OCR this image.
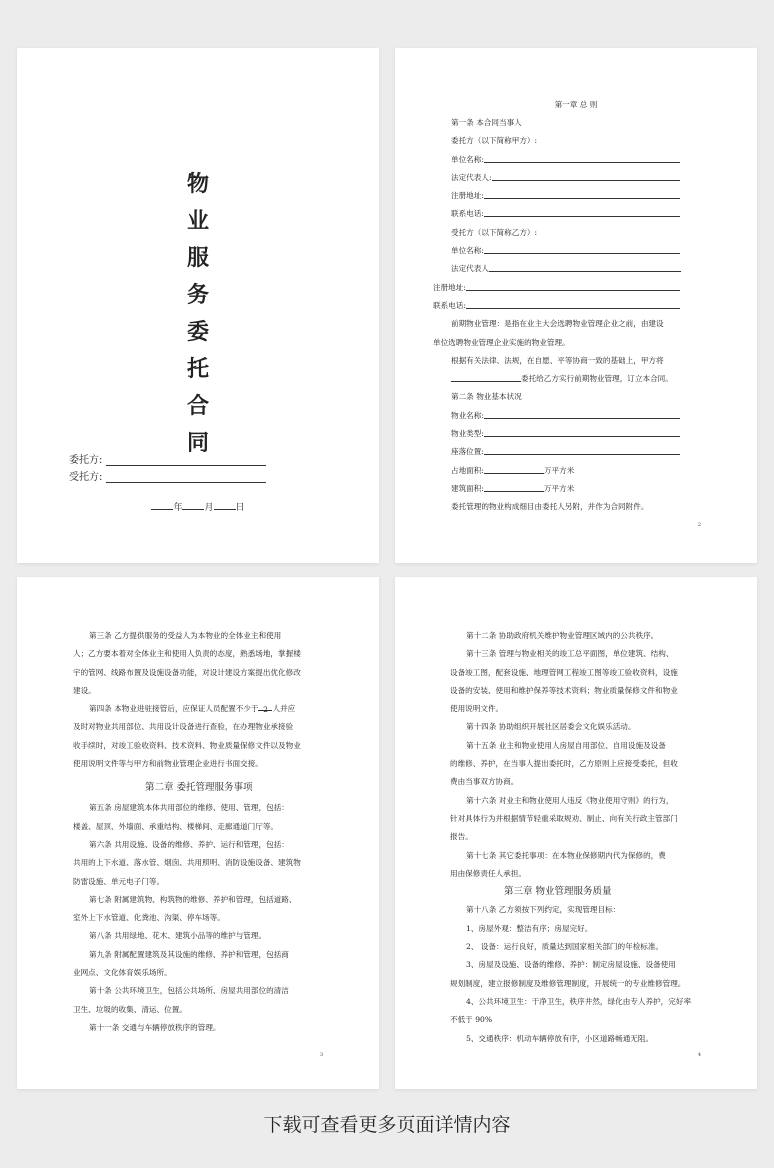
物
业
服
务
委
托
合
同
委托方:
受托方:
年 月 日
第一章 总 则
第一条 本合同当事人
委托方（以下简称甲方）:
单位名称:
法定代表人:
注册地址:
联系电话:
受托方（以下简称乙方）:
单位名称:
法定代表人
注册地址:
联系电话:
前期物业管理：是指在业主大会选聘物业管理企业之前，由建设
单位选聘物业管理企业实施的物业管理。
根据有关法律、法规，在自愿、平等协商一致的基础上，甲方将
委托给乙方实行前期物业管理，订立本合同。
第二条 物业基本状况
物业名称:
物业类型:
座落位置:
占地面积:	万平方米
建筑面积:	万平方米
委托管理的物业构成细目由委托人另附，并作为合同附件。
2
第三条 乙方提供服务的受益人为本物业的全体业主和使用
人；乙方要本着对全体业主和使用人负责的态度，熟悉场地，掌握楼
宇的管网、线路布置及设施设备功能，对设计建设方案提出优化修改
建设。
第四条 本物业进驻接管后，应保证人员配置不少于 2 人并应
及时对物业共用部位、共用设计设备进行查验，在办理物业承接验
收手续时，对竣工验收资料、技术资料、物业质量保修文件以及物业
使用说明文件等与甲方和前物业管理企业进行书面交接。
第二章 委托管理服务事项
第五条 房屋建筑本体共用部位的维修、使用、管理，包括：
楼盖、屋顶、外墙面、承重结构、楼梯间、走廊通道门厅等。
第六条 共用设施、设备的维修、养护、运行和管理，包括：
共用的上下水道、落水管、烟囱、共用照明、消防设施设备、建筑物
防雷设施、单元电子门等。
第七条 附属建筑物、构筑物的维修、养护和管理，包括道路、
室外上下水管道、化粪池、沟渠、停车场等。
第八条 共用绿地、花木、建筑小品等的维护与管理。
第九条 附属配置建筑及其设施的维修、养护和管理，包括商
业网点、文化体育娱乐场所。
第十条 公共环境卫生，包括公共场所、房屋共用部位的清洁
卫生、垃圾的收集、清运、位置。
第十一条 交通与车辆停放秩序的管理。
3
第十二条 协助政府机关维护物业管理区域内的公共秩序。
第十三条 管理与物业相关的竣工总平面图，单位建筑、结构、
设备竣工图，配套设施、地理管网工程竣工图等竣工验收资料，设施
设备的安装、使用和维护保养等技术资料；物业质量保修文件和物业
使用说明文件。
第十四条 协助组织开展社区居委会文化娱乐活动。
第十五条 业主和物业使用人房屋自用部位、自用设施及设备
的维修、养护，在当事人提出委托时，乙方原则上应接受委托，但收
费由当事双方协商。
第十六条 对业主和物业使用人违反《物业使用守则》的行为，
针对具体行为并根据情节轻重采取规劝、制止、向有关行政主管部门
报告。
第十七条 其它委托事项：在本物业保修期内代为保修的，费
用由保修责任人承担。
第三章 物业管理服务质量
第十八条 乙方须按下列约定，实现管理目标：
1、房屋外观：整洁有序；房屋完好。
2、 设备：运行良好，质量达到国家相关部门的年检标准。
3、房屋及设施、设备的维修、养护：制定房屋设施、设备使用
规划制度，建立报修制度及维修管理制度，开展统一的专业维修管理。
4、公共环境卫生：干净卫生，秩序井然，绿化由专人养护，完好率
不低于 90%
5、交通秩序：机动车辆停放有序，小区道路畅通无阻。
4
下载可查看更多页面详情内容
